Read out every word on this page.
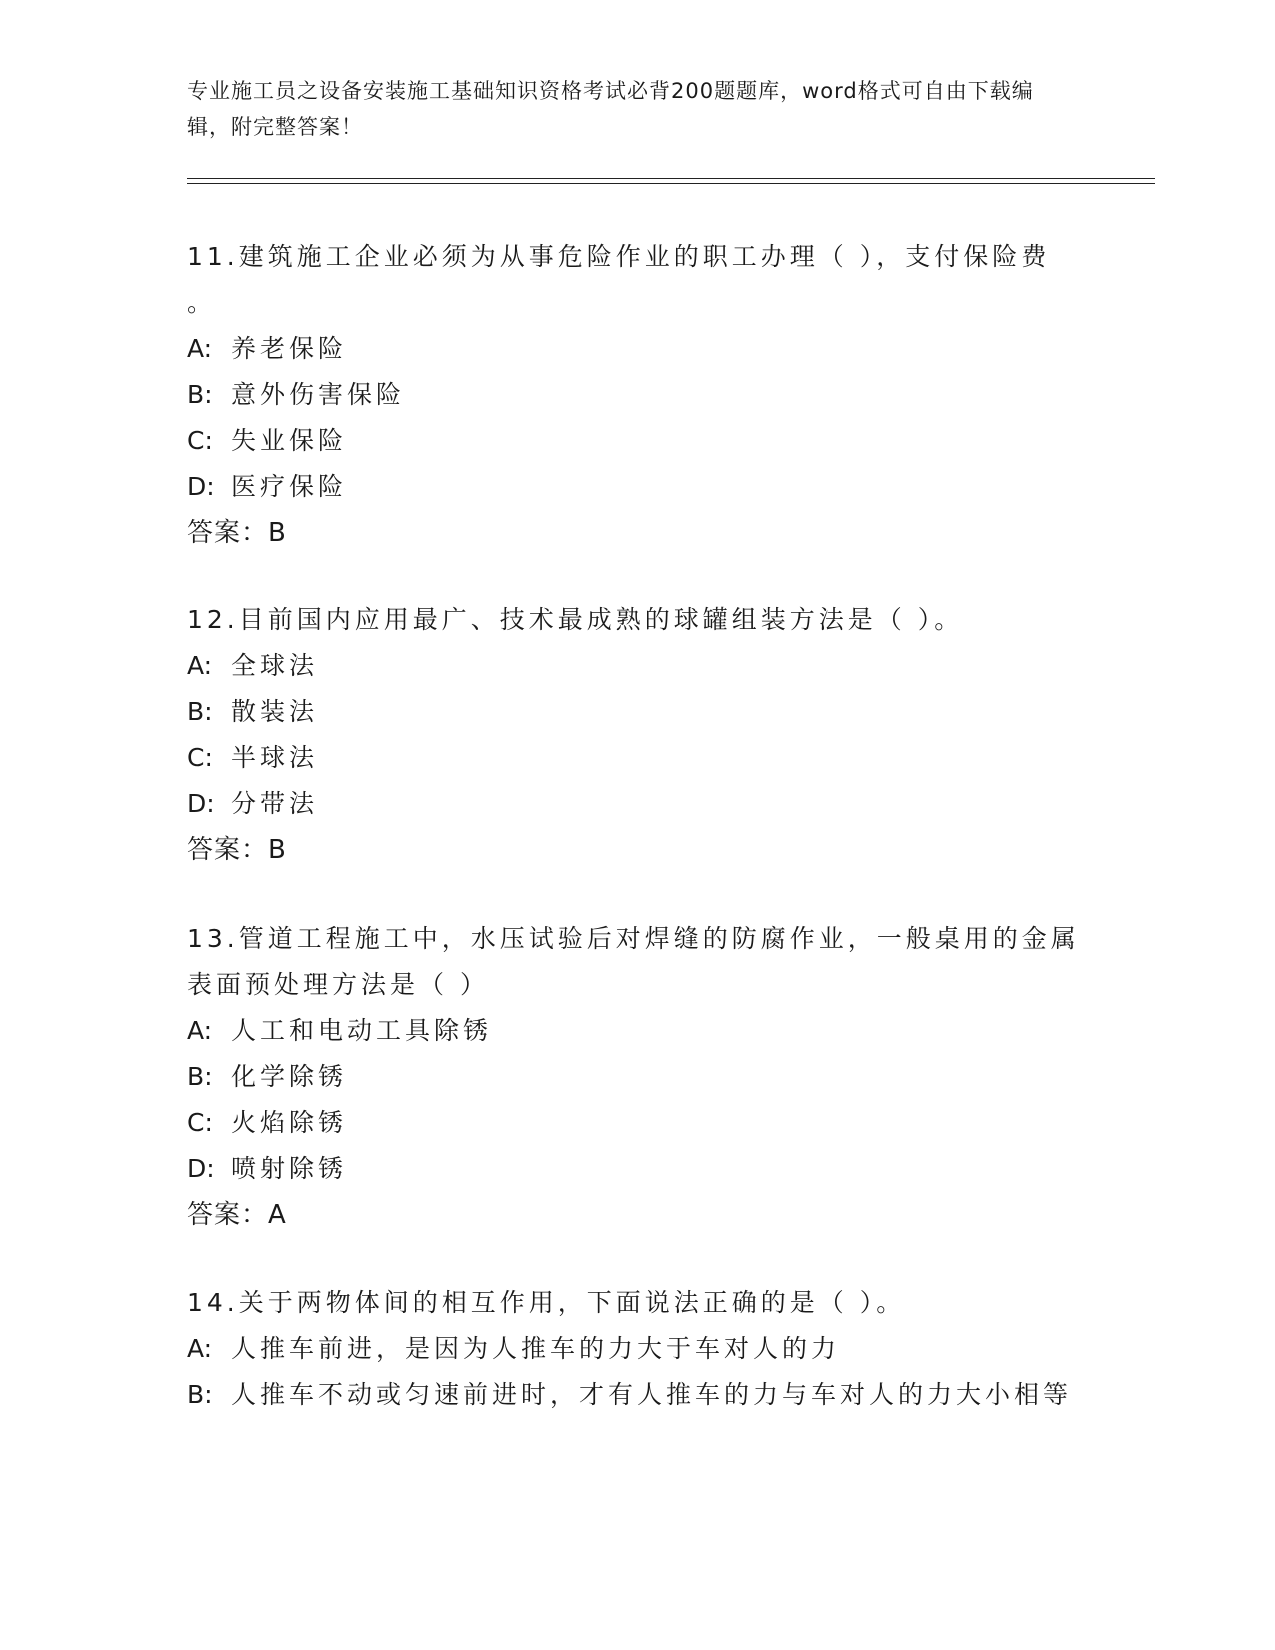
专业施工员之设备安装施工基础知识资格考试必背200题题库，word格式可自由下载编辑，附完整答案！

11.建筑施工企业必须为从事危险作业的职工办理（ ），支付保险费
。

A: 养老保险
B: 意外伤害保险
C: 失业保险
D: 医疗保险
答案：B

12.目前国内应用最广、技术最成熟的球罐组装方法是（ ）。

A: 全球法
B: 散装法
C: 半球法
D: 分带法
答案：B

13.管道工程施工中，水压试验后对焊缝的防腐作业，一般桌用的金属表面预处理方法是（ ）

A: 人工和电动工具除锈
B: 化学除锈
C: 火焰除锈
D: 喷射除锈
答案：A

14.关于两物体间的相互作用，下面说法正确的是（ ）。

A: 人推车前进，是因为人推车的力大于车对人的力
B: 人推车不动或匀速前进时，才有人推车的力与车对人的力大小相等
